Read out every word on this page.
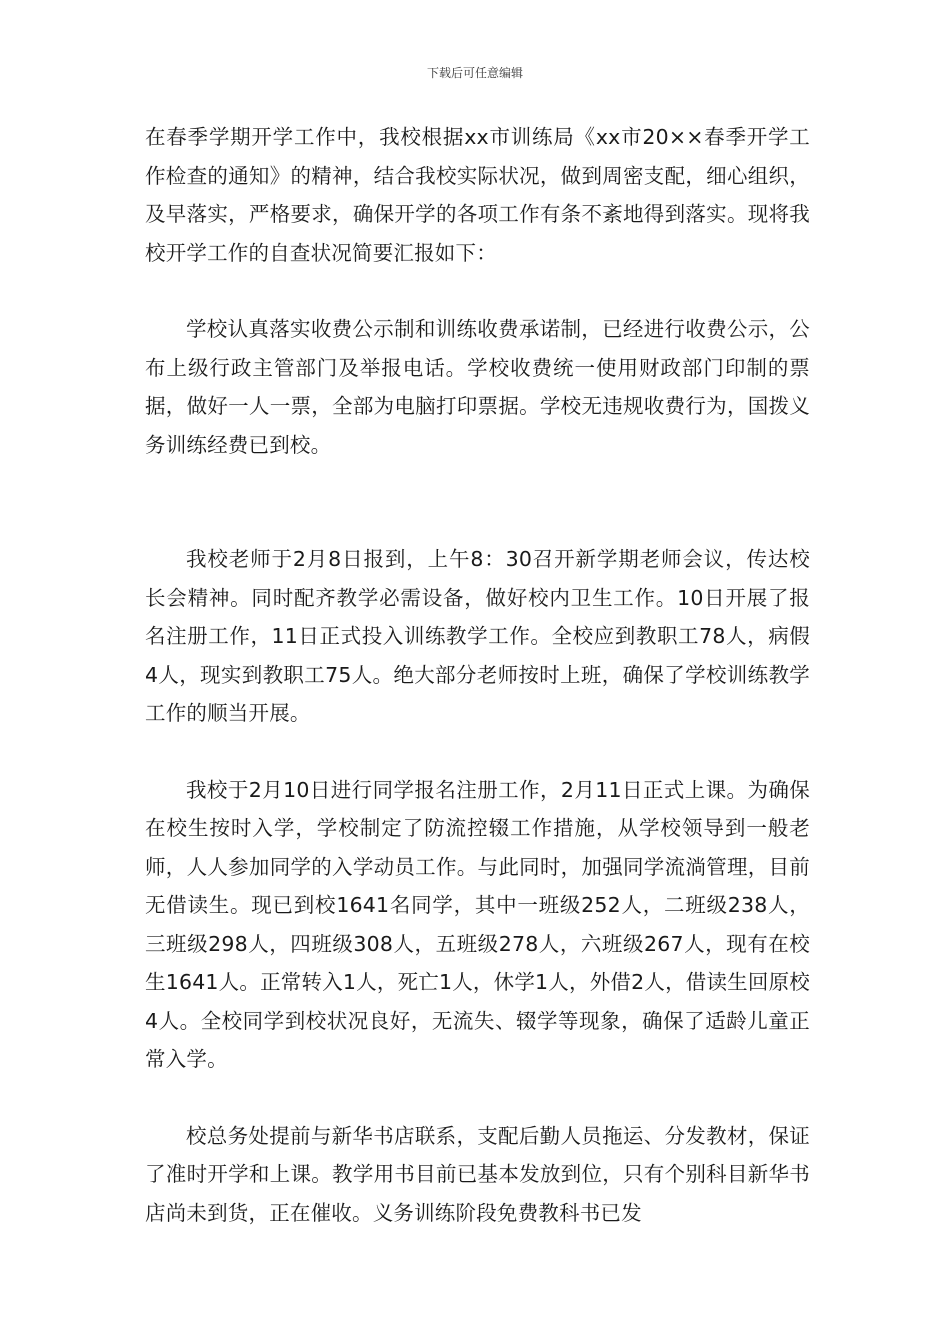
下载后可任意编辑

在春季学期开学工作中，我校根据xx市训练局《xx市20××春季开学工作检查的通知》的精神，结合我校实际状况，做到周密支配，细心组织，及早落实，严格要求，确保开学的各项工作有条不紊地得到落实。现将我校开学工作的自查状况简要汇报如下：

学校认真落实收费公示制和训练收费承诺制，已经进行收费公示，公布上级行政主管部门及举报电话。学校收费统一使用财政部门印制的票据，做好一人一票，全部为电脑打印票据。学校无违规收费行为，国拨义务训练经费已到校。

我校老师于2月8日报到，上午8：30召开新学期老师会议，传达校长会精神。同时配齐教学必需设备，做好校内卫生工作。10日开展了报名注册工作，11日正式投入训练教学工作。全校应到教职工78人，病假4人，现实到教职工75人。绝大部分老师按时上班，确保了学校训练教学工作的顺当开展。

我校于2月10日进行同学报名注册工作，2月11日正式上课。为确保在校生按时入学，学校制定了防流控辍工作措施，从学校领导到一般老师，人人参加同学的入学动员工作。与此同时，加强同学流淌管理，目前无借读生。现已到校1641名同学，其中一班级252人，二班级238人，三班级298人，四班级308人，五班级278人，六班级267人，现有在校生1641人。正常转入1人，死亡1人，休学1人，外借2人，借读生回原校4人。全校同学到校状况良好，无流失、辍学等现象，确保了适龄儿童正常入学。

校总务处提前与新华书店联系，支配后勤人员拖运、分发教材，保证了准时开学和上课。教学用书目前已基本发放到位，只有个别科目新华书店尚未到货，正在催收。义务训练阶段免费教科书已发
